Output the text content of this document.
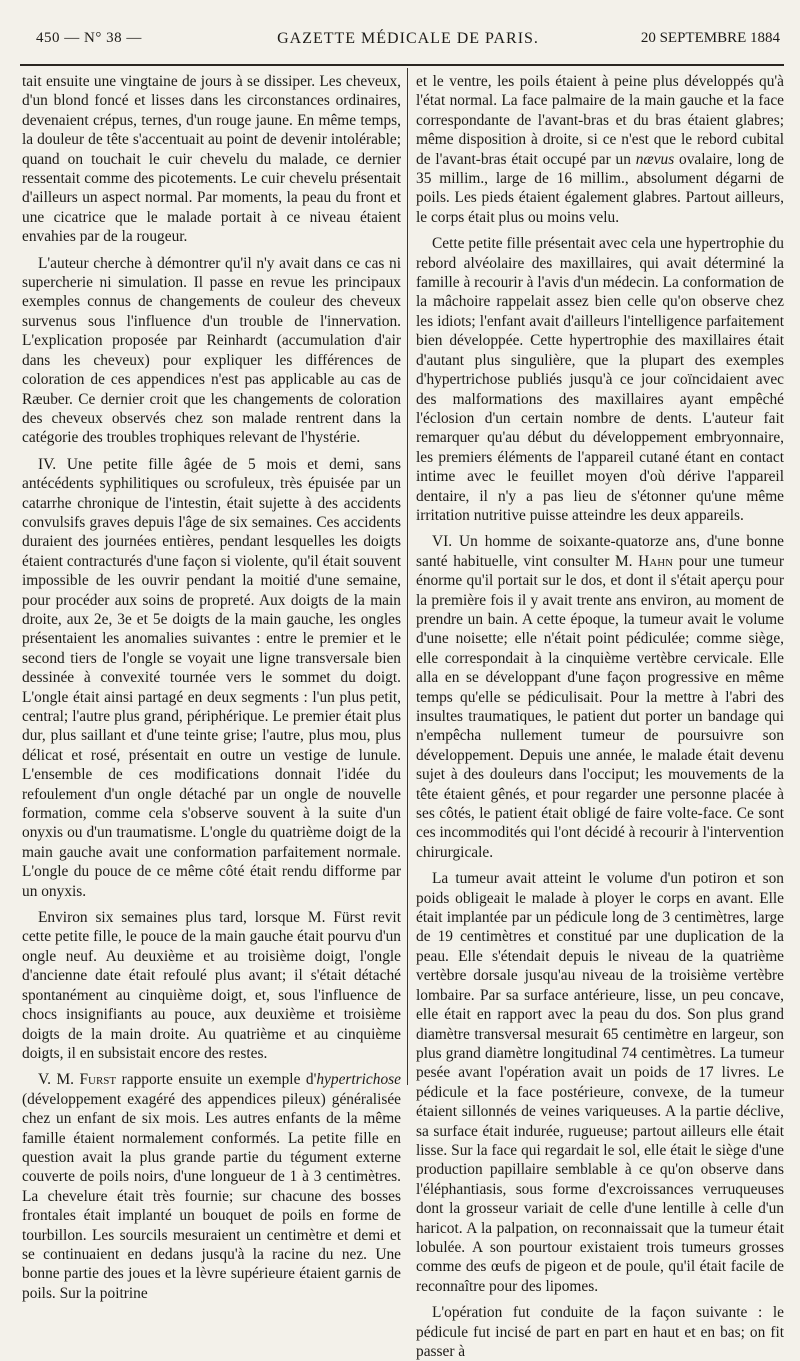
450 — N° 38 —	GAZETTE MÉDICALE DE PARIS.	20 SEPTEMBRE 1884

tait ensuite une vingtaine de jours à se dissiper. Les cheveux, d'un blond foncé et lisses dans les circonstances ordinaires, devenaient crépus, ternes, d'un rouge jaune. En même temps, la douleur de tête s'accentuait au point de devenir intolérable; quand on touchait le cuir chevelu du malade, ce dernier ressentait comme des picotements. Le cuir chevelu présentait d'ailleurs un aspect normal. Par moments, la peau du front et une cicatrice que le malade portait à ce niveau étaient envahies par de la rougeur.

L'auteur cherche à démontrer qu'il n'y avait dans ce cas ni supercherie ni simulation. Il passe en revue les principaux exemples connus de changements de couleur des cheveux survenus sous l'influence d'un trouble de l'innervation. L'explication proposée par Reinhardt (accumulation d'air dans les cheveux) pour expliquer les différences de coloration de ces appendices n'est pas applicable au cas de Ræuber. Ce dernier croit que les changements de coloration des cheveux observés chez son malade rentrent dans la catégorie des troubles trophiques relevant de l'hystérie.

IV. Une petite fille âgée de 5 mois et demi, sans antécédents syphilitiques ou scrofuleux, très épuisée par un catarrhe chronique de l'intestin, était sujette à des accidents convulsifs graves depuis l'âge de six semaines. Ces accidents duraient des journées entières, pendant lesquelles les doigts étaient contracturés d'une façon si violente, qu'il était souvent impossible de les ouvrir pendant la moitié d'une semaine, pour procéder aux soins de propreté. Aux doigts de la main droite, aux 2e, 3e et 5e doigts de la main gauche, les ongles présentaient les anomalies suivantes : entre le premier et le second tiers de l'ongle se voyait une ligne transversale bien dessinée à convexité tournée vers le sommet du doigt. L'ongle était ainsi partagé en deux segments : l'un plus petit, central; l'autre plus grand, périphérique. Le premier était plus dur, plus saillant et d'une teinte grise; l'autre, plus mou, plus délicat et rosé, présentait en outre un vestige de lunule. L'ensemble de ces modifications donnait l'idée du refoulement d'un ongle détaché par un ongle de nouvelle formation, comme cela s'observe souvent à la suite d'un onyxis ou d'un traumatisme. L'ongle du quatrième doigt de la main gauche avait une conformation parfaitement normale. L'ongle du pouce de ce même côté était rendu difforme par un onyxis.

Environ six semaines plus tard, lorsque M. Fürst revit cette petite fille, le pouce de la main gauche était pourvu d'un ongle neuf. Au deuxième et au troisième doigt, l'ongle d'ancienne date était refoulé plus avant; il s'était détaché spontanément au cinquième doigt, et, sous l'influence de chocs insignifiants au pouce, aux deuxième et troisième doigts de la main droite. Au quatrième et au cinquième doigts, il en subsistait encore des restes.

V. M. Furst rapporte ensuite un exemple d'hypertrichose (développement exagéré des appendices pileux) généralisée chez un enfant de six mois. Les autres enfants de la même famille étaient normalement conformés. La petite fille en question avait la plus grande partie du tégument externe couverte de poils noirs, d'une longueur de 1 à 3 centimètres. La chevelure était très fournie; sur chacune des bosses frontales était implanté un bouquet de poils en forme de tourbillon. Les sourcils mesuraient un centimètre et demi et se continuaient en dedans jusqu'à la racine du nez. Une bonne partie des joues et la lèvre supérieure étaient garnis de poils. Sur la poitrine

et le ventre, les poils étaient à peine plus développés qu'à l'état normal. La face palmaire de la main gauche et la face correspondante de l'avant-bras et du bras étaient glabres; même disposition à droite, si ce n'est que le rebord cubital de l'avant-bras était occupé par un nævus ovalaire, long de 35 millim., large de 16 millim., absolument dégarni de poils. Les pieds étaient également glabres. Partout ailleurs, le corps était plus ou moins velu.

Cette petite fille présentait avec cela une hypertrophie du rebord alvéolaire des maxillaires, qui avait déterminé la famille à recourir à l'avis d'un médecin. La conformation de la mâchoire rappelait assez bien celle qu'on observe chez les idiots; l'enfant avait d'ailleurs l'intelligence parfaitement bien développée. Cette hypertrophie des maxillaires était d'autant plus singulière, que la plupart des exemples d'hypertrichose publiés jusqu'à ce jour coïncidaient avec des malformations des maxillaires ayant empêché l'éclosion d'un certain nombre de dents. L'auteur fait remarquer qu'au début du développement embryonnaire, les premiers éléments de l'appareil cutané étant en contact intime avec le feuillet moyen d'où dérive l'appareil dentaire, il n'y a pas lieu de s'étonner qu'une même irritation nutritive puisse atteindre les deux appareils.

VI. Un homme de soixante-quatorze ans, d'une bonne santé habituelle, vint consulter M. Hahn pour une tumeur énorme qu'il portait sur le dos, et dont il s'était aperçu pour la première fois il y avait trente ans environ, au moment de prendre un bain. A cette époque, la tumeur avait le volume d'une noisette; elle n'était point pédiculée; comme siège, elle correspondait à la cinquième vertèbre cervicale. Elle alla en se développant d'une façon progressive en même temps qu'elle se pédiculisait. Pour la mettre à l'abri des insultes traumatiques, le patient dut porter un bandage qui n'empêcha nullement tumeur de poursuivre son développement. Depuis une année, le malade était devenu sujet à des douleurs dans l'occiput; les mouvements de la tête étaient gênés, et pour regarder une personne placée à ses côtés, le patient était obligé de faire volte-face. Ce sont ces incommodités qui l'ont décidé à recourir à l'intervention chirurgicale.

La tumeur avait atteint le volume d'un potiron et son poids obligeait le malade à ployer le corps en avant. Elle était implantée par un pédicule long de 3 centimètres, large de 19 centimètres et constitué par une duplication de la peau. Elle s'étendait depuis le niveau de la quatrième vertèbre dorsale jusqu'au niveau de la troisième vertèbre lombaire. Par sa surface antérieure, lisse, un peu concave, elle était en rapport avec la peau du dos. Son plus grand diamètre transversal mesurait 65 centimètre en largeur, son plus grand diamètre longitudinal 74 centimètres. La tumeur pesée avant l'opération avait un poids de 17 livres. Le pédicule et la face postérieure, convexe, de la tumeur étaient sillonnés de veines variqueuses. A la partie déclive, sa surface était indurée, rugueuse; partout ailleurs elle était lisse. Sur la face qui regardait le sol, elle était le siège d'une production papillaire semblable à ce qu'on observe dans l'éléphantiasis, sous forme d'excroissances verruqueuses dont la grosseur variait de celle d'une lentille à celle d'un haricot. A la palpation, on reconnaissait que la tumeur était lobulée. A son pourtour existaient trois tumeurs grosses comme des œufs de pigeon et de poule, qu'il était facile de reconnaître pour des lipomes.

L'opération fut conduite de la façon suivante : le pédicule fut incisé de part en part en haut et en bas; on fit passer à
